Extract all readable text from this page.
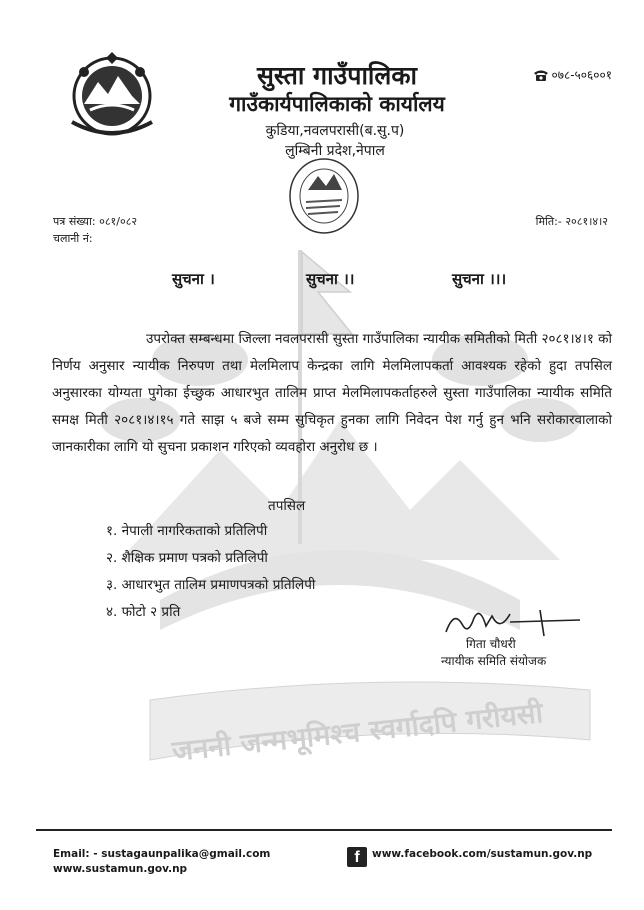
जननी जन्मभूमिश्च स्वर्गादपि गरीयसी
सुस्ता गाउँपालिका
गाउँकार्यपालिकाको कार्यालय
कुडिया,नवलपरासी(ब.सु.प)
लुम्बिनी प्रदेश,नेपाल
०७८-५०६००१
पत्र संख्या: ०८१/०८२
चलानी नं:
मिति:- २०८१।४।२
सुचना ।	सुचना ।।	सुचना ।।।

उपरोक्त सम्बन्धमा जिल्ला नवलपरासी सुस्ता गाउँपालिका न्यायीक समितीको मिती २०८१।४।१ को निर्णय अनुसार न्यायीक निरुपण तथा मेलमिलाप केन्द्रका लागि मेलमिलापकर्ता आवश्यक रहेको हुदा तपसिल अनुसारका योग्यता पुगेका ईच्छुक आधारभुत तालिम प्राप्त मेलमिलापकर्ताहरुले सुस्ता गाउँपालिका न्यायीक समिति समक्ष मिती २०८१।४।१५ गते साझ ५ बजे सम्म सुचिकृत हुनका लागि निवेदन पेश गर्नु हुन भनि सरोकारवालाको जानकारीका लागि यो सुचना प्रकाशन गरिएको व्यवहोरा अनुरोध छ ।

तपसिल
१. नेपाली नागरिकताको प्रतिलिपी
२. शैक्षिक प्रमाण पत्रको प्रतिलिपी
३. आधारभुत तालिम प्रमाणपत्रको प्रतिलिपी
४. फोटो २ प्रति
गिता चौधरी
न्यायीक समिति संयोजक
Email: - sustagaunpalika@gmail.com
www.sustamun.gov.np
f	www.facebook.com/sustamun.gov.np
